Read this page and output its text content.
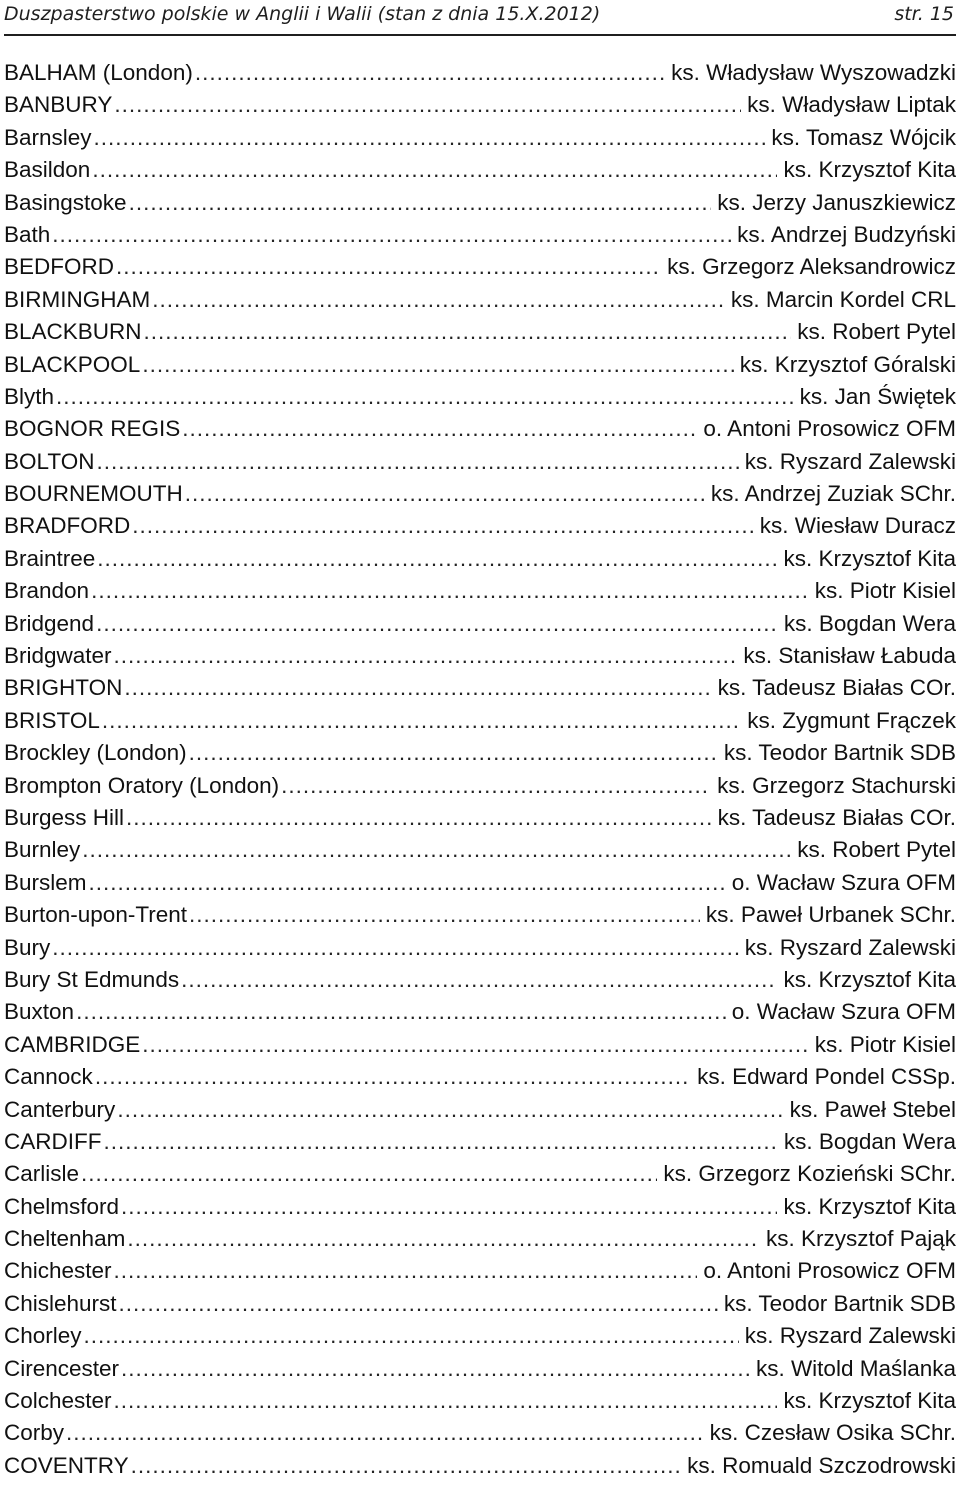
Duszpasterstwo polskie w Anglii i Walii (stan z dnia 15.X.2012)	str. 15
BALHAM (London) .....	ks. Władysław Wyszowadzki
BANBURY .....	ks. Władysław Liptak
Barnsley .....	ks. Tomasz Wójcik
Basildon .....	ks. Krzysztof Kita
Basingstoke .....	ks. Jerzy Januszkiewicz
Bath .....	ks. Andrzej Budzyński
BEDFORD .....	ks. Grzegorz Aleksandrowicz
BIRMINGHAM .....	ks. Marcin Kordel CRL
BLACKBURN .....	ks. Robert Pytel
BLACKPOOL .....	ks. Krzysztof Góralski
Blyth .....	ks. Jan Świętek
BOGNOR REGIS .....	o. Antoni Prosowicz OFM
BOLTON .....	ks. Ryszard Zalewski
BOURNEMOUTH .....	ks. Andrzej Zuziak SChr.
BRADFORD .....	ks. Wiesław Duracz
Braintree .....	ks. Krzysztof Kita
Brandon .....	ks. Piotr Kisiel
Bridgend .....	ks. Bogdan Wera
Bridgwater .....	ks. Stanisław Łabuda
BRIGHTON .....	ks. Tadeusz Białas COr.
BRISTOL .....	ks. Zygmunt Frączek
Brockley (London) .....	ks. Teodor Bartnik SDB
Brompton Oratory (London) .....	ks. Grzegorz Stachurski
Burgess Hill .....	ks. Tadeusz Białas COr.
Burnley .....	ks. Robert Pytel
Burslem .....	o. Wacław Szura OFM
Burton-upon-Trent .....	ks. Paweł Urbanek SChr.
Bury .....	ks. Ryszard Zalewski
Bury St Edmunds .....	ks. Krzysztof Kita
Buxton .....	o. Wacław Szura OFM
CAMBRIDGE .....	ks. Piotr Kisiel
Cannock .....	ks. Edward Pondel CSSp.
Canterbury .....	ks. Paweł Stebel
CARDIFF .....	ks. Bogdan Wera
Carlisle .....	ks. Grzegorz Kozieński SChr.
Chelmsford .....	ks. Krzysztof Kita
Cheltenham .....	ks. Krzysztof Pająk
Chichester .....	o. Antoni Prosowicz OFM
Chislehurst .....	ks. Teodor Bartnik SDB
Chorley .....	ks. Ryszard Zalewski
Cirencester .....	ks. Witold Maślanka
Colchester .....	ks. Krzysztof Kita
Corby .....	ks. Czesław Osika SChr.
COVENTRY .....	ks. Romuald Szczodrowski
